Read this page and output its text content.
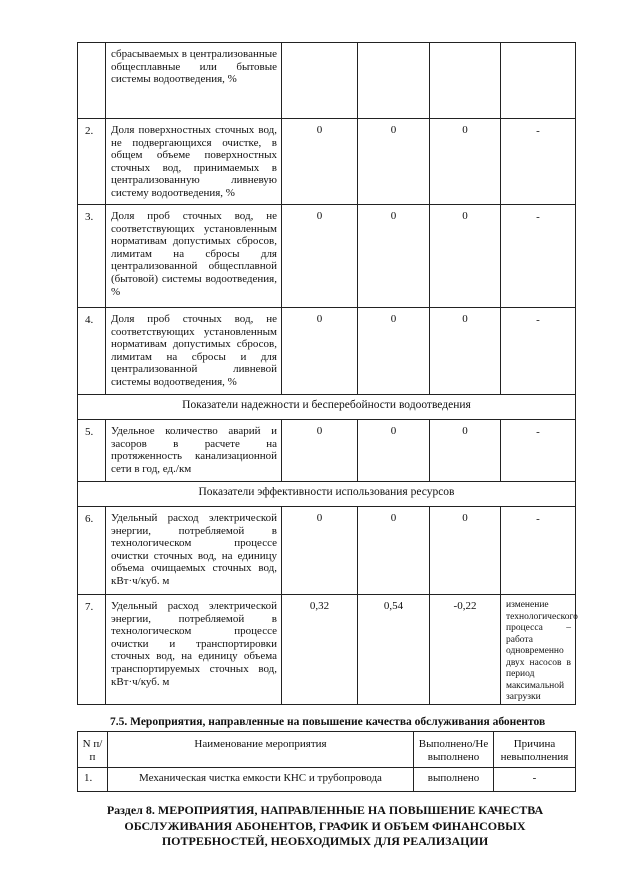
	сбрасываемых в централизованные общесплавные или бытовые системы водоотведения, %				
2.	Доля поверхностных сточных вод, не подвергающихся очистке, в общем объеме поверхностных сточных вод, принимаемых в централизованную ливневую систему водоотведения, %	0	0	0	-
3.	Доля проб сточных вод, не соответствующих установленным нормативам допустимых сбросов, лимитам на сбросы для централизованной общесплавной (бытовой) системы водоотведения, %	0	0	0	-
4.	Доля проб сточных вод, не соответствующих установленным нормативам допустимых сбросов, лимитам на сбросы и для централизованной ливневой системы водоотведения, %	0	0	0	-
Показатели надежности и бесперебойности водоотведения					
5.	Удельное количество аварий и засоров в расчете на протяженность канализационной сети в год, ед./км	0	0	0	-
Показатели эффективности использования ресурсов					
6.	Удельный расход электрической энергии, потребляемой в технологическом процессе очистки сточных вод, на единицу объема очищаемых сточных вод, кВт·ч/куб. м	0	0	0	-
7.	Удельный расход электрической энергии, потребляемой в технологическом процессе очистки и транспортировки сточных вод, на единицу объема транспортируемых сточных вод, кВт·ч/куб. м	0,32	0,54	-0,22	изменение технологического процесса – работа одновременно двух насосов в период максимальной загрузки
7.5. Мероприятия, направленные на повышение качества обслуживания абонентов
N п/п	Наименование мероприятия	Выполнено/Не выполнено	Причина невыполнения
1.	Механическая чистка емкости КНС и трубопровода	выполнено	-
Раздел 8. МЕРОПРИЯТИЯ, НАПРАВЛЕННЫЕ НА ПОВЫШЕНИЕ КАЧЕСТВА ОБСЛУЖИВАНИЯ АБОНЕНТОВ, ГРАФИК И ОБЪЕМ ФИНАНСОВЫХ ПОТРЕБНОСТЕЙ, НЕОБХОДИМЫХ ДЛЯ РЕАЛИЗАЦИИ
